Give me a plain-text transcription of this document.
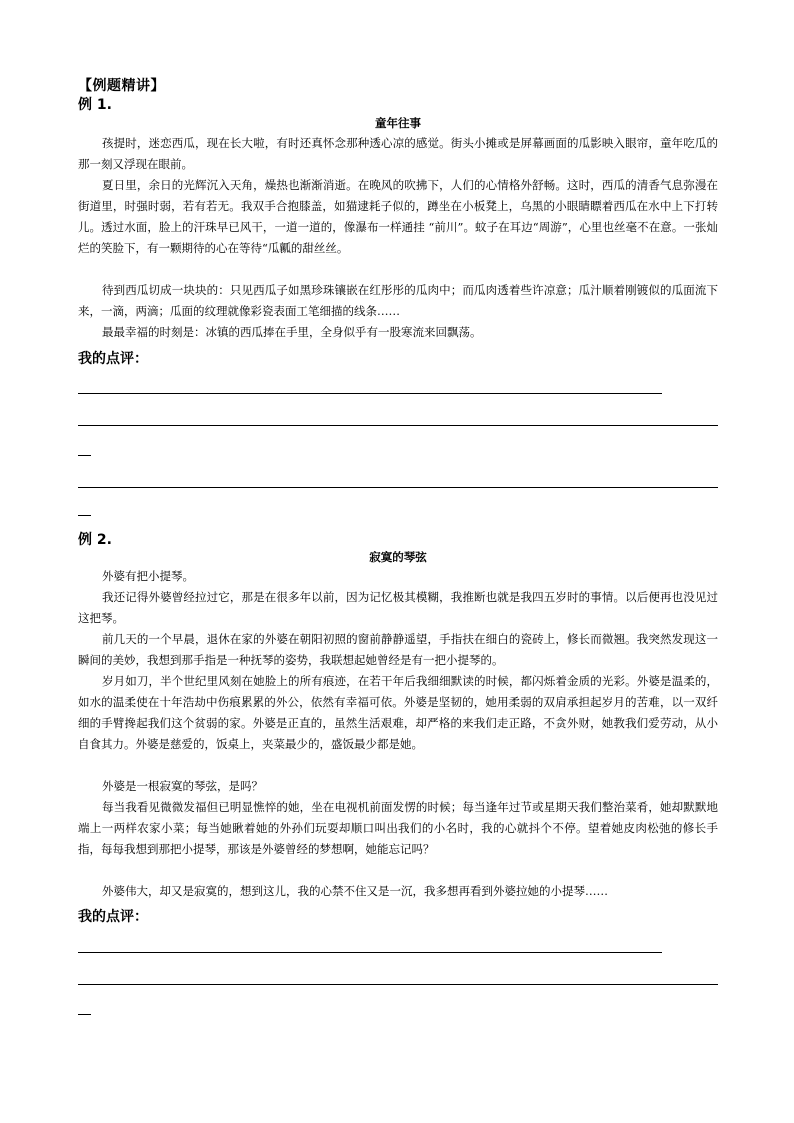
【例题精讲】
例 1.
童年往事

孩提时，迷恋西瓜，现在长大啦，有时还真怀念那种透心凉的感觉。街头小摊或是屏幕画面的瓜影映入眼帘，童年吃瓜的那一刻又浮现在眼前。

夏日里，余日的光辉沉入天角，燥热也渐渐消逝。在晚风的吹拂下，人们的心情格外舒畅。这时，西瓜的清香气息弥漫在街道里，时强时弱，若有若无。我双手合抱膝盖，如猫逮耗子似的，蹲坐在小板凳上，乌黑的小眼睛瞟着西瓜在水中上下打转儿。透过水面，脸上的汗珠早已风干，一道一道的，像瀑布一样通挂 “前川”。蚊子在耳边“周游”，心里也丝毫不在意。一张灿烂的笑脸下，有一颗期待的心在等待“瓜瓤的甜丝丝。

待到西瓜切成一块块的：只见西瓜子如黑珍珠镶嵌在红彤彤的瓜肉中；而瓜肉透着些许凉意；瓜汁顺着刚镀似的瓜面流下来，一滴，两滴；瓜面的纹理就像彩瓷表面工笔细描的线条……

最最幸福的时刻是：冰镇的西瓜捧在手里，全身似乎有一股寒流来回飘荡。

我的点评：
例 2.
寂寞的琴弦

外婆有把小提琴。

我还记得外婆曾经拉过它，那是在很多年以前，因为记忆极其模糊，我推断也就是我四五岁时的事情。以后便再也没见过这把琴。

前几天的一个早晨，退休在家的外婆在朝阳初照的窗前静静遥望，手指扶在细白的瓷砖上，修长而微翘。我突然发现这一瞬间的美妙，我想到那手指是一种抚琴的姿势，我联想起她曾经是有一把小提琴的。

岁月如刀，半个世纪里风刻在她脸上的所有痕迹，在若干年后我细细默读的时候，都闪烁着金质的光彩。外婆是温柔的，如水的温柔使在十年浩劫中伤痕累累的外公，依然有幸福可依。外婆是坚韧的，她用柔弱的双肩承担起岁月的苦难，以一双纤细的手臂搀起我们这个贫弱的家。外婆是正直的，虽然生活艰难，却严格的来我们走正路，不贪外财，她教我们爱劳动，从小自食其力。外婆是慈爱的，饭桌上，夹菜最少的，盛饭最少都是她。

外婆是一根寂寞的琴弦，是吗？

每当我看见微微发福但已明显憔悴的她，坐在电视机前面发愣的时候；每当逢年过节或星期天我们整治菜肴，她却默默地端上一两样农家小菜；每当她瞅着她的外孙们玩耍却顺口叫出我们的小名时，我的心就抖个不停。望着她皮肉松弛的修长手指，每每我想到那把小提琴，那该是外婆曾经的梦想啊，她能忘记吗？

外婆伟大，却又是寂寞的，想到这儿，我的心禁不住又是一沉，我多想再看到外婆拉她的小提琴……

我的点评：
